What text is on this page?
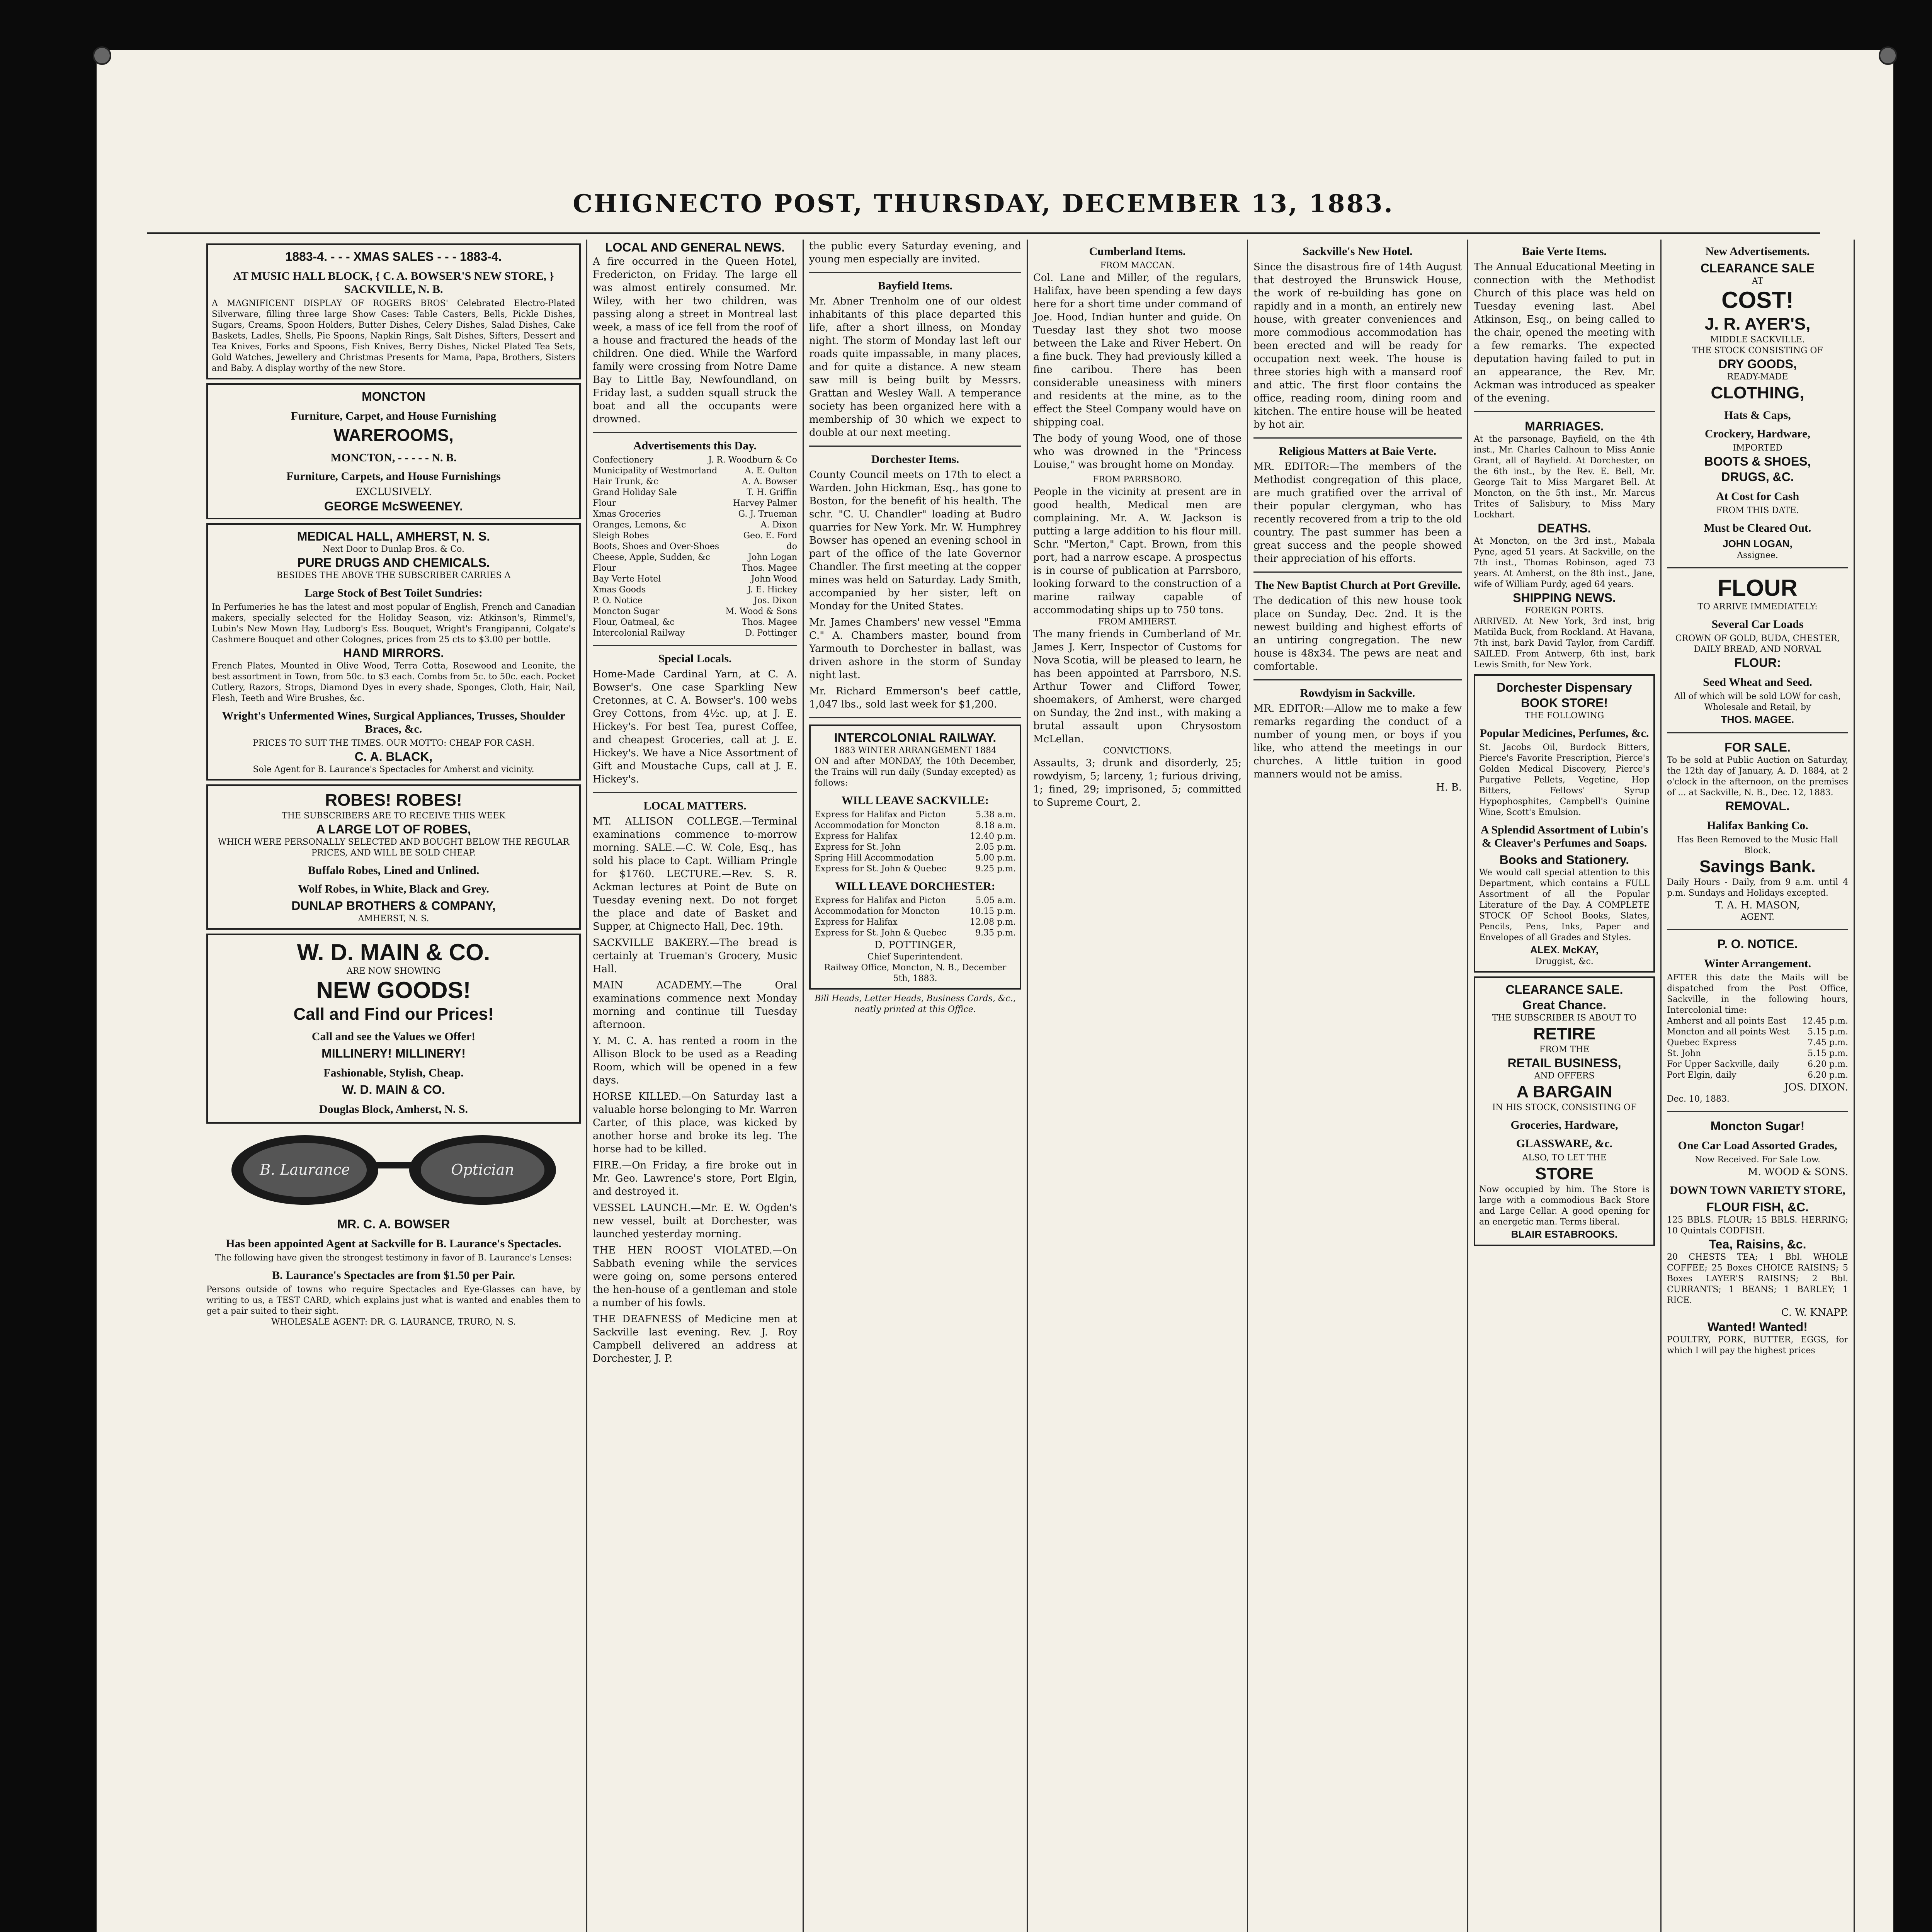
CHIGNECTO POST, THURSDAY, DECEMBER 13, 1883.
1883-4. - - - XMAS SALES - - - 1883-4.
AT MUSIC HALL BLOCK, { C. A. BOWSER'S NEW STORE, } SACKVILLE, N. B.
A MAGNIFICENT DISPLAY OF ROGERS BROS' Celebrated Electro-Plated Silverware, filling three large Show Cases: Table Casters, Bells, Pickle Dishes, Sugars, Creams, Spoon Holders, Butter Dishes, Celery Dishes, Salad Dishes, Cake Baskets, Ladles, Shells, Pie Spoons, Napkin Rings, Salt Dishes, Sifters, Dessert and Tea Knives, Forks and Spoons, Fish Knives, Berry Dishes, Nickel Plated Tea Sets, Gold Watches, Jewellery and Christmas Presents for Mama, Papa, Brothers, Sisters and Baby. A display worthy of the new Store.
MONCTON
Furniture, Carpet, and House Furnishing
WAREROOMS,
MONCTON, - - - - - N. B.
Furniture, Carpets, and House Furnishings
EXCLUSIVELY.
GEORGE McSWEENEY.
MEDICAL HALL, AMHERST, N. S.
Next Door to Dunlap Bros. & Co.
PURE DRUGS AND CHEMICALS.
BESIDES THE ABOVE THE SUBSCRIBER CARRIES A
Large Stock of Best Toilet Sundries:
In Perfumeries he has the latest and most popular of English, French and Canadian makers, specially selected for the Holiday Season, viz: Atkinson's, Rimmel's, Lubin's New Mown Hay, Ludborg's Ess. Bouquet, Wright's Frangipanni, Colgate's Cashmere Bouquet and other Colognes, prices from 25 cts to $3.00 per bottle.
HAND MIRRORS.
French Plates, Mounted in Olive Wood, Terra Cotta, Rosewood and Leonite, the best assortment in Town, from 50c. to $3 each. Combs from 5c. to 50c. each. Pocket Cutlery, Razors, Strops, Diamond Dyes in every shade, Sponges, Cloth, Hair, Nail, Flesh, Teeth and Wire Brushes, &c.
Wright's Unfermented Wines, Surgical Appliances, Trusses, Shoulder Braces, &c.
PRICES TO SUIT THE TIMES. OUR MOTTO: CHEAP FOR CASH.
C. A. BLACK,
Sole Agent for B. Laurance's Spectacles for Amherst and vicinity.
ROBES! ROBES!
THE SUBSCRIBERS ARE TO RECEIVE THIS WEEK
A LARGE LOT OF ROBES,
WHICH WERE PERSONALLY SELECTED AND BOUGHT BELOW THE REGULAR PRICES, AND WILL BE SOLD CHEAP.
Buffalo Robes, Lined and Unlined.
Wolf Robes, in White, Black and Grey.
DUNLAP BROTHERS & COMPANY,
AMHERST, N. S.
W. D. MAIN & CO.
ARE NOW SHOWING
NEW GOODS!
Call and Find our Prices!
Call and see the Values we Offer!
MILLINERY! MILLINERY!
Fashionable, Stylish, Cheap.
W. D. MAIN & CO.
Douglas Block, Amherst, N. S.
B. Laurance	Optician
MR. C. A. BOWSER
Has been appointed Agent at Sackville for B. Laurance's Spectacles.
The following have given the strongest testimony in favor of B. Laurance's Lenses:
B. Laurance's Spectacles are from $1.50 per Pair.
Persons outside of towns who require Spectacles and Eye-Glasses can have, by writing to us, a TEST CARD, which explains just what is wanted and enables them to get a pair suited to their sight.
WHOLESALE AGENT: DR. G. LAURANCE, TRURO, N. S.
LOCAL AND GENERAL NEWS.
A fire occurred in the Queen Hotel, Fredericton, on Friday. The large ell was almost entirely consumed. Mr. Wiley, with her two children, was passing along a street in Montreal last week, a mass of ice fell from the roof of a house and fractured the heads of the children. One died. While the Warford family were crossing from Notre Dame Bay to Little Bay, Newfoundland, on Friday last, a sudden squall struck the boat and all the occupants were drowned.
Advertisements this Day.
Confectionery	J. R. Woodburn & Co
Municipality of Westmorland	A. E. Oulton
Hair Trunk, &c	A. A. Bowser
Grand Holiday Sale	T. H. Griffin
Flour	Harvey Palmer
Xmas Groceries	G. J. Trueman
Oranges, Lemons, &c	A. Dixon
Sleigh Robes	Geo. E. Ford
Boots, Shoes and Over-Shoes	do
Cheese, Apple, Sudden, &c	John Logan
Flour	Thos. Magee
Bay Verte Hotel	John Wood
Xmas Goods	J. E. Hickey
P. O. Notice	Jos. Dixon
Moncton Sugar	M. Wood & Sons
Flour, Oatmeal, &c	Thos. Magee
Intercolonial Railway	D. Pottinger
Special Locals.
Home-Made Cardinal Yarn, at C. A. Bowser's. One case Sparkling New Cretonnes, at C. A. Bowser's. 100 webs Grey Cottons, from 4½c. up, at J. E. Hickey's. For best Tea, purest Coffee, and cheapest Groceries, call at J. E. Hickey's. We have a Nice Assortment of Gift and Moustache Cups, call at J. E. Hickey's.
LOCAL MATTERS.
MT. ALLISON COLLEGE.—Terminal examinations commence to-morrow morning. SALE.—C. W. Cole, Esq., has sold his place to Capt. William Pringle for $1760. LECTURE.—Rev. S. R. Ackman lectures at Point de Bute on Tuesday evening next. Do not forget the place and date of Basket and Supper, at Chignecto Hall, Dec. 19th.
SACKVILLE BAKERY.—The bread is certainly at Trueman's Grocery, Music Hall.
MAIN ACADEMY.—The Oral examinations commence next Monday morning and continue till Tuesday afternoon.
Y. M. C. A. has rented a room in the Allison Block to be used as a Reading Room, which will be opened in a few days.
HORSE KILLED.—On Saturday last a valuable horse belonging to Mr. Warren Carter, of this place, was kicked by another horse and broke its leg. The horse had to be killed.
FIRE.—On Friday, a fire broke out in Mr. Geo. Lawrence's store, Port Elgin, and destroyed it.
VESSEL LAUNCH.—Mr. E. W. Ogden's new vessel, built at Dorchester, was launched yesterday morning.
THE HEN ROOST VIOLATED.—On Sabbath evening while the services were going on, some persons entered the hen-house of a gentleman and stole a number of his fowls.
THE DEAFNESS of Medicine men at Sackville last evening. Rev. J. Roy Campbell delivered an address at Dorchester, J. P.
the public every Saturday evening, and young men especially are invited.
Bayfield Items.
Mr. Abner Trenholm one of our oldest inhabitants of this place departed this life, after a short illness, on Monday night. The storm of Monday last left our roads quite impassable, in many places, and for quite a distance. A new steam saw mill is being built by Messrs. Grattan and Wesley Wall. A temperance society has been organized here with a membership of 30 which we expect to double at our next meeting.
Dorchester Items.
County Council meets on 17th to elect a Warden. John Hickman, Esq., has gone to Boston, for the benefit of his health. The schr. "C. U. Chandler" loading at Budro quarries for New York. Mr. W. Humphrey Bowser has opened an evening school in part of the office of the late Governor Chandler. The first meeting at the copper mines was held on Saturday. Lady Smith, accompanied by her sister, left on Monday for the United States.
Mr. James Chambers' new vessel "Emma C." A. Chambers master, bound from Yarmouth to Dorchester in ballast, was driven ashore in the storm of Sunday night last.
Mr. Richard Emmerson's beef cattle, 1,047 lbs., sold last week for $1,200.
INTERCOLONIAL RAILWAY.
1883 WINTER ARRANGEMENT 1884
ON and after MONDAY, the 10th December, the Trains will run daily (Sunday excepted) as follows:
WILL LEAVE SACKVILLE:
Express for Halifax and Picton	5.38 a.m.
Accommodation for Moncton	8.18 a.m.
Express for Halifax	12.40 p.m.
Express for St. John	2.05 p.m.
Spring Hill Accommodation	5.00 p.m.
Express for St. John & Quebec	9.25 p.m.
WILL LEAVE DORCHESTER:
Express for Halifax and Picton	5.05 a.m.
Accommodation for Moncton	10.15 p.m.
Express for Halifax	12.08 p.m.
Express for St. John & Quebec	9.35 p.m.
D. POTTINGER,
Chief Superintendent.
Railway Office, Moncton, N. B., December 5th, 1883.
Bill Heads, Letter Heads, Business Cards, &c., neatly printed at this Office.
Cumberland Items.
FROM MACCAN.
Col. Lane and Miller, of the regulars, Halifax, have been spending a few days here for a short time under command of Joe. Hood, Indian hunter and guide. On Tuesday last they shot two moose between the Lake and River Hebert. On a fine buck. They had previously killed a fine caribou. There has been considerable uneasiness with miners and residents at the mine, as to the effect the Steel Company would have on shipping coal.
The body of young Wood, one of those who was drowned in the "Princess Louise," was brought home on Monday.
FROM PARRSBORO.
People in the vicinity at present are in good health, Medical men are complaining. Mr. A. W. Jackson is putting a large addition to his flour mill. Schr. "Merton," Capt. Brown, from this port, had a narrow escape. A prospectus is in course of publication at Parrsboro, looking forward to the construction of a marine railway capable of accommodating ships up to 750 tons.
FROM AMHERST.
The many friends in Cumberland of Mr. James J. Kerr, Inspector of Customs for Nova Scotia, will be pleased to learn, he has been appointed at Parrsboro, N.S. Arthur Tower and Clifford Tower, shoemakers, of Amherst, were charged on Sunday, the 2nd inst., with making a brutal assault upon Chrysostom McLellan.
CONVICTIONS.
Assaults, 3; drunk and disorderly, 25; rowdyism, 5; larceny, 1; furious driving, 1; fined, 29; imprisoned, 5; committed to Supreme Court, 2.
Sackville's New Hotel.
Since the disastrous fire of 14th August that destroyed the Brunswick House, the work of re-building has gone on rapidly and in a month, an entirely new house, with greater conveniences and more commodious accommodation has been erected and will be ready for occupation next week. The house is three stories high with a mansard roof and attic. The first floor contains the office, reading room, dining room and kitchen. The entire house will be heated by hot air.
Religious Matters at Baie Verte.
MR. EDITOR:—The members of the Methodist congregation of this place, are much gratified over the arrival of their popular clergyman, who has recently recovered from a trip to the old country. The past summer has been a great success and the people showed their appreciation of his efforts.
The New Baptist Church at Port Greville.
The dedication of this new house took place on Sunday, Dec. 2nd. It is the newest building and highest efforts of an untiring congregation. The new house is 48x34. The pews are neat and comfortable.
Rowdyism in Sackville.
MR. EDITOR:—Allow me to make a few remarks regarding the conduct of a number of young men, or boys if you like, who attend the meetings in our churches. A little tuition in good manners would not be amiss.
H. B.
Baie Verte Items.
The Annual Educational Meeting in connection with the Methodist Church of this place was held on Tuesday evening last. Abel Atkinson, Esq., on being called to the chair, opened the meeting with a few remarks. The expected deputation having failed to put in an appearance, the Rev. Mr. Ackman was introduced as speaker of the evening.
MARRIAGES.
At the parsonage, Bayfield, on the 4th inst., Mr. Charles Calhoun to Miss Annie Grant, all of Bayfield. At Dorchester, on the 6th inst., by the Rev. E. Bell, Mr. George Tait to Miss Margaret Bell. At Moncton, on the 5th inst., Mr. Marcus Trites of Salisbury, to Miss Mary Lockhart.
DEATHS.
At Moncton, on the 3rd inst., Mabala Pyne, aged 51 years. At Sackville, on the 7th inst., Thomas Robinson, aged 73 years. At Amherst, on the 8th inst., Jane, wife of William Purdy, aged 64 years.
SHIPPING NEWS.
FOREIGN PORTS.
ARRIVED. At New York, 3rd inst, brig Matilda Buck, from Rockland. At Havana, 7th inst, bark David Taylor, from Cardiff. SAILED. From Antwerp, 6th inst, bark Lewis Smith, for New York.
Dorchester Dispensary
BOOK STORE!
THE FOLLOWING
Popular Medicines, Perfumes, &c.
St. Jacobs Oil, Burdock Bitters, Pierce's Favorite Prescription, Pierce's Golden Medical Discovery, Pierce's Purgative Pellets, Vegetine, Hop Bitters, Fellows' Syrup Hypophosphites, Campbell's Quinine Wine, Scott's Emulsion.
A Splendid Assortment of Lubin's & Cleaver's Perfumes and Soaps.
Books and Stationery.
We would call special attention to this Department, which contains a FULL Assortment of all the Popular Literature of the Day. A COMPLETE STOCK OF School Books, Slates, Pencils, Pens, Inks, Paper and Envelopes of all Grades and Styles.
ALEX. McKAY,
Druggist, &c.
CLEARANCE SALE.
Great Chance.
THE SUBSCRIBER IS ABOUT TO
RETIRE
FROM THE
RETAIL BUSINESS,
AND OFFERS
A BARGAIN
IN HIS STOCK, CONSISTING OF
Groceries, Hardware,
GLASSWARE, &c.
ALSO, TO LET THE
STORE
Now occupied by him. The Store is large with a commodious Back Store and Large Cellar. A good opening for an energetic man. Terms liberal.
BLAIR ESTABROOKS.
New Advertisements.
CLEARANCE SALE
AT
COST!
J. R. AYER'S,
MIDDLE SACKVILLE.
THE STOCK CONSISTING OF
DRY GOODS,
READY-MADE
CLOTHING,
Hats & Caps,
Crockery, Hardware,
IMPORTED
BOOTS & SHOES,
DRUGS, &C.
At Cost for Cash
FROM THIS DATE.
Must be Cleared Out.
JOHN LOGAN,
Assignee.
FLOUR
TO ARRIVE IMMEDIATELY:
Several Car Loads
CROWN OF GOLD, BUDA, CHESTER, DAILY BREAD, AND NORVAL
FLOUR:
Seed Wheat and Seed.
All of which will be sold LOW for cash, Wholesale and Retail, by
THOS. MAGEE.
FOR SALE.
To be sold at Public Auction on Saturday, the 12th day of January, A. D. 1884, at 2 o'clock in the afternoon, on the premises of ... at Sackville, N. B., Dec. 12, 1883.
REMOVAL.
Halifax Banking Co.
Has Been Removed to the Music Hall Block.
Savings Bank.
Daily Hours - Daily, from 9 a.m. until 4 p.m. Sundays and Holidays excepted.
T. A. H. MASON,
AGENT.
P. O. NOTICE.
Winter Arrangement.
AFTER this date the Mails will be dispatched from the Post Office, Sackville, in the following hours, Intercolonial time:
Amherst and all points East 12.45 p.m.
Moncton and all points West 5.15 p.m.
Quebec Express	7.45 p.m.
St. John	5.15 p.m.
For Upper Sackville, daily	6.20 p.m.
Port Elgin, daily	6.20 p.m.
JOS. DIXON.
Dec. 10, 1883.
Moncton Sugar!
One Car Load Assorted Grades,
Now Received. For Sale Low.
M. WOOD & SONS.
DOWN TOWN VARIETY STORE,
FLOUR FISH, &C.
125 BBLS. FLOUR; 15 BBLS. HERRING; 10 Quintals CODFISH.
Tea, Raisins, &c.
20 CHESTS TEA; 1 Bbl. WHOLE COFFEE; 25 Boxes CHOICE RAISINS; 5 Boxes LAYER'S RAISINS; 2 Bbl. CURRANTS; 1 BEANS; 1 BARLEY; 1 RICE.
C. W. KNAPP.
Wanted! Wanted!
POULTRY, PORK, BUTTER, EGGS, for which I will pay the highest prices
